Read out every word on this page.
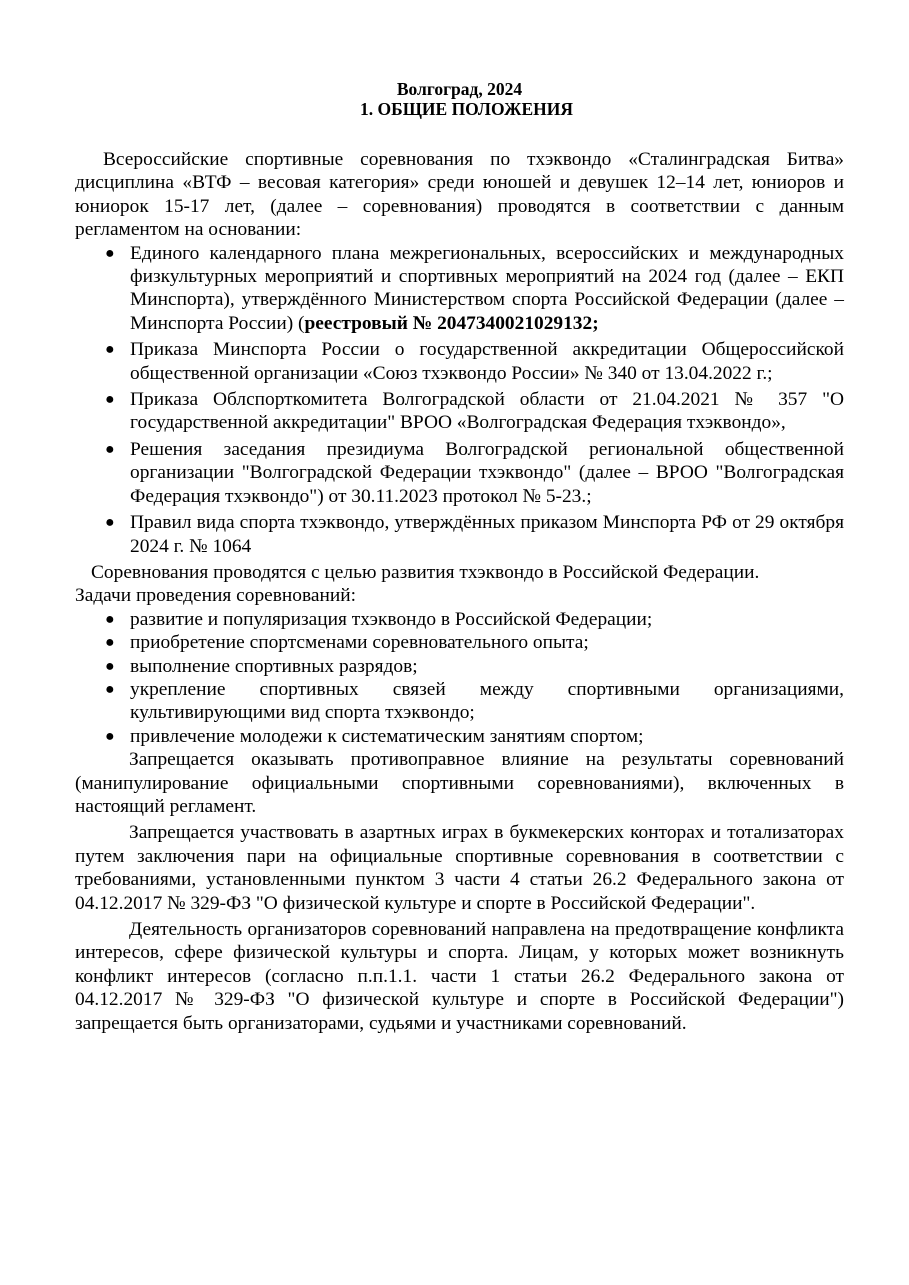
Волгоград, 2024
1. ОБЩИЕ ПОЛОЖЕНИЯ

Всероссийские спортивные соревнования по тхэквондо «Сталинградская Битва» дисциплина «ВТФ – весовая категория» среди юношей и девушек 12–14 лет, юниоров и юниорок 15-17 лет, (далее – соревнования) проводятся в соответствии с данным регламентом на основании:

● Единого календарного плана межрегиональных, всероссийских и международных физкультурных мероприятий и спортивных мероприятий на 2024 год (далее – ЕКП Минспорта), утверждённого Министерством спорта Российской Федерации (далее – Минспорта России) (реестровый № 2047340021029132;
● Приказа Минспорта России о государственной аккредитации Общероссийской общественной организации «Союз тхэквондо России» № 340 от 13.04.2022 г.;
● Приказа Облспорткомитета Волгоградской области от 21.04.2021 № 357 "О государственной аккредитации" ВРОО «Волгоградская Федерация тхэквондо»,
● Решения заседания президиума Волгоградской региональной общественной организации "Волгоградской Федерации тхэквондо" (далее – ВРОО "Волгоградская Федерация тхэквондо") от 30.11.2023 протокол № 5-23.;
● Правил вида спорта тхэквондо, утверждённых приказом Минспорта РФ от 29 октября 2024 г. № 1064

Соревнования проводятся с целью развития тхэквондо в Российской Федерации.

Задачи проведения соревнований:

● развитие и популяризация тхэквондо в Российской Федерации;
● приобретение спортсменами соревновательного опыта;
● выполнение спортивных разрядов;
● укрепление спортивных связей между спортивными организациями, культивирующими вид спорта тхэквондо;
● привлечение молодежи к систематическим занятиям спортом;

Запрещается оказывать противоправное влияние на результаты соревнований (манипулирование официальными спортивными соревнованиями), включенных в настоящий регламент.

Запрещается участвовать в азартных играх в букмекерских конторах и тотализаторах путем заключения пари на официальные спортивные соревнования в соответствии с требованиями, установленными пунктом 3 части 4 статьи 26.2 Федерального закона от 04.12.2017 № 329-ФЗ "О физической культуре и спорте в Российской Федерации".

Деятельность организаторов соревнований направлена на предотвращение конфликта интересов, сфере физической культуры и спорта. Лицам, у которых может возникнуть конфликт интересов (согласно п.п.1.1. части 1 статьи 26.2 Федерального закона от 04.12.2017 № 329-ФЗ "О физической культуре и спорте в Российской Федерации") запрещается быть организаторами, судьями и участниками соревнований.
